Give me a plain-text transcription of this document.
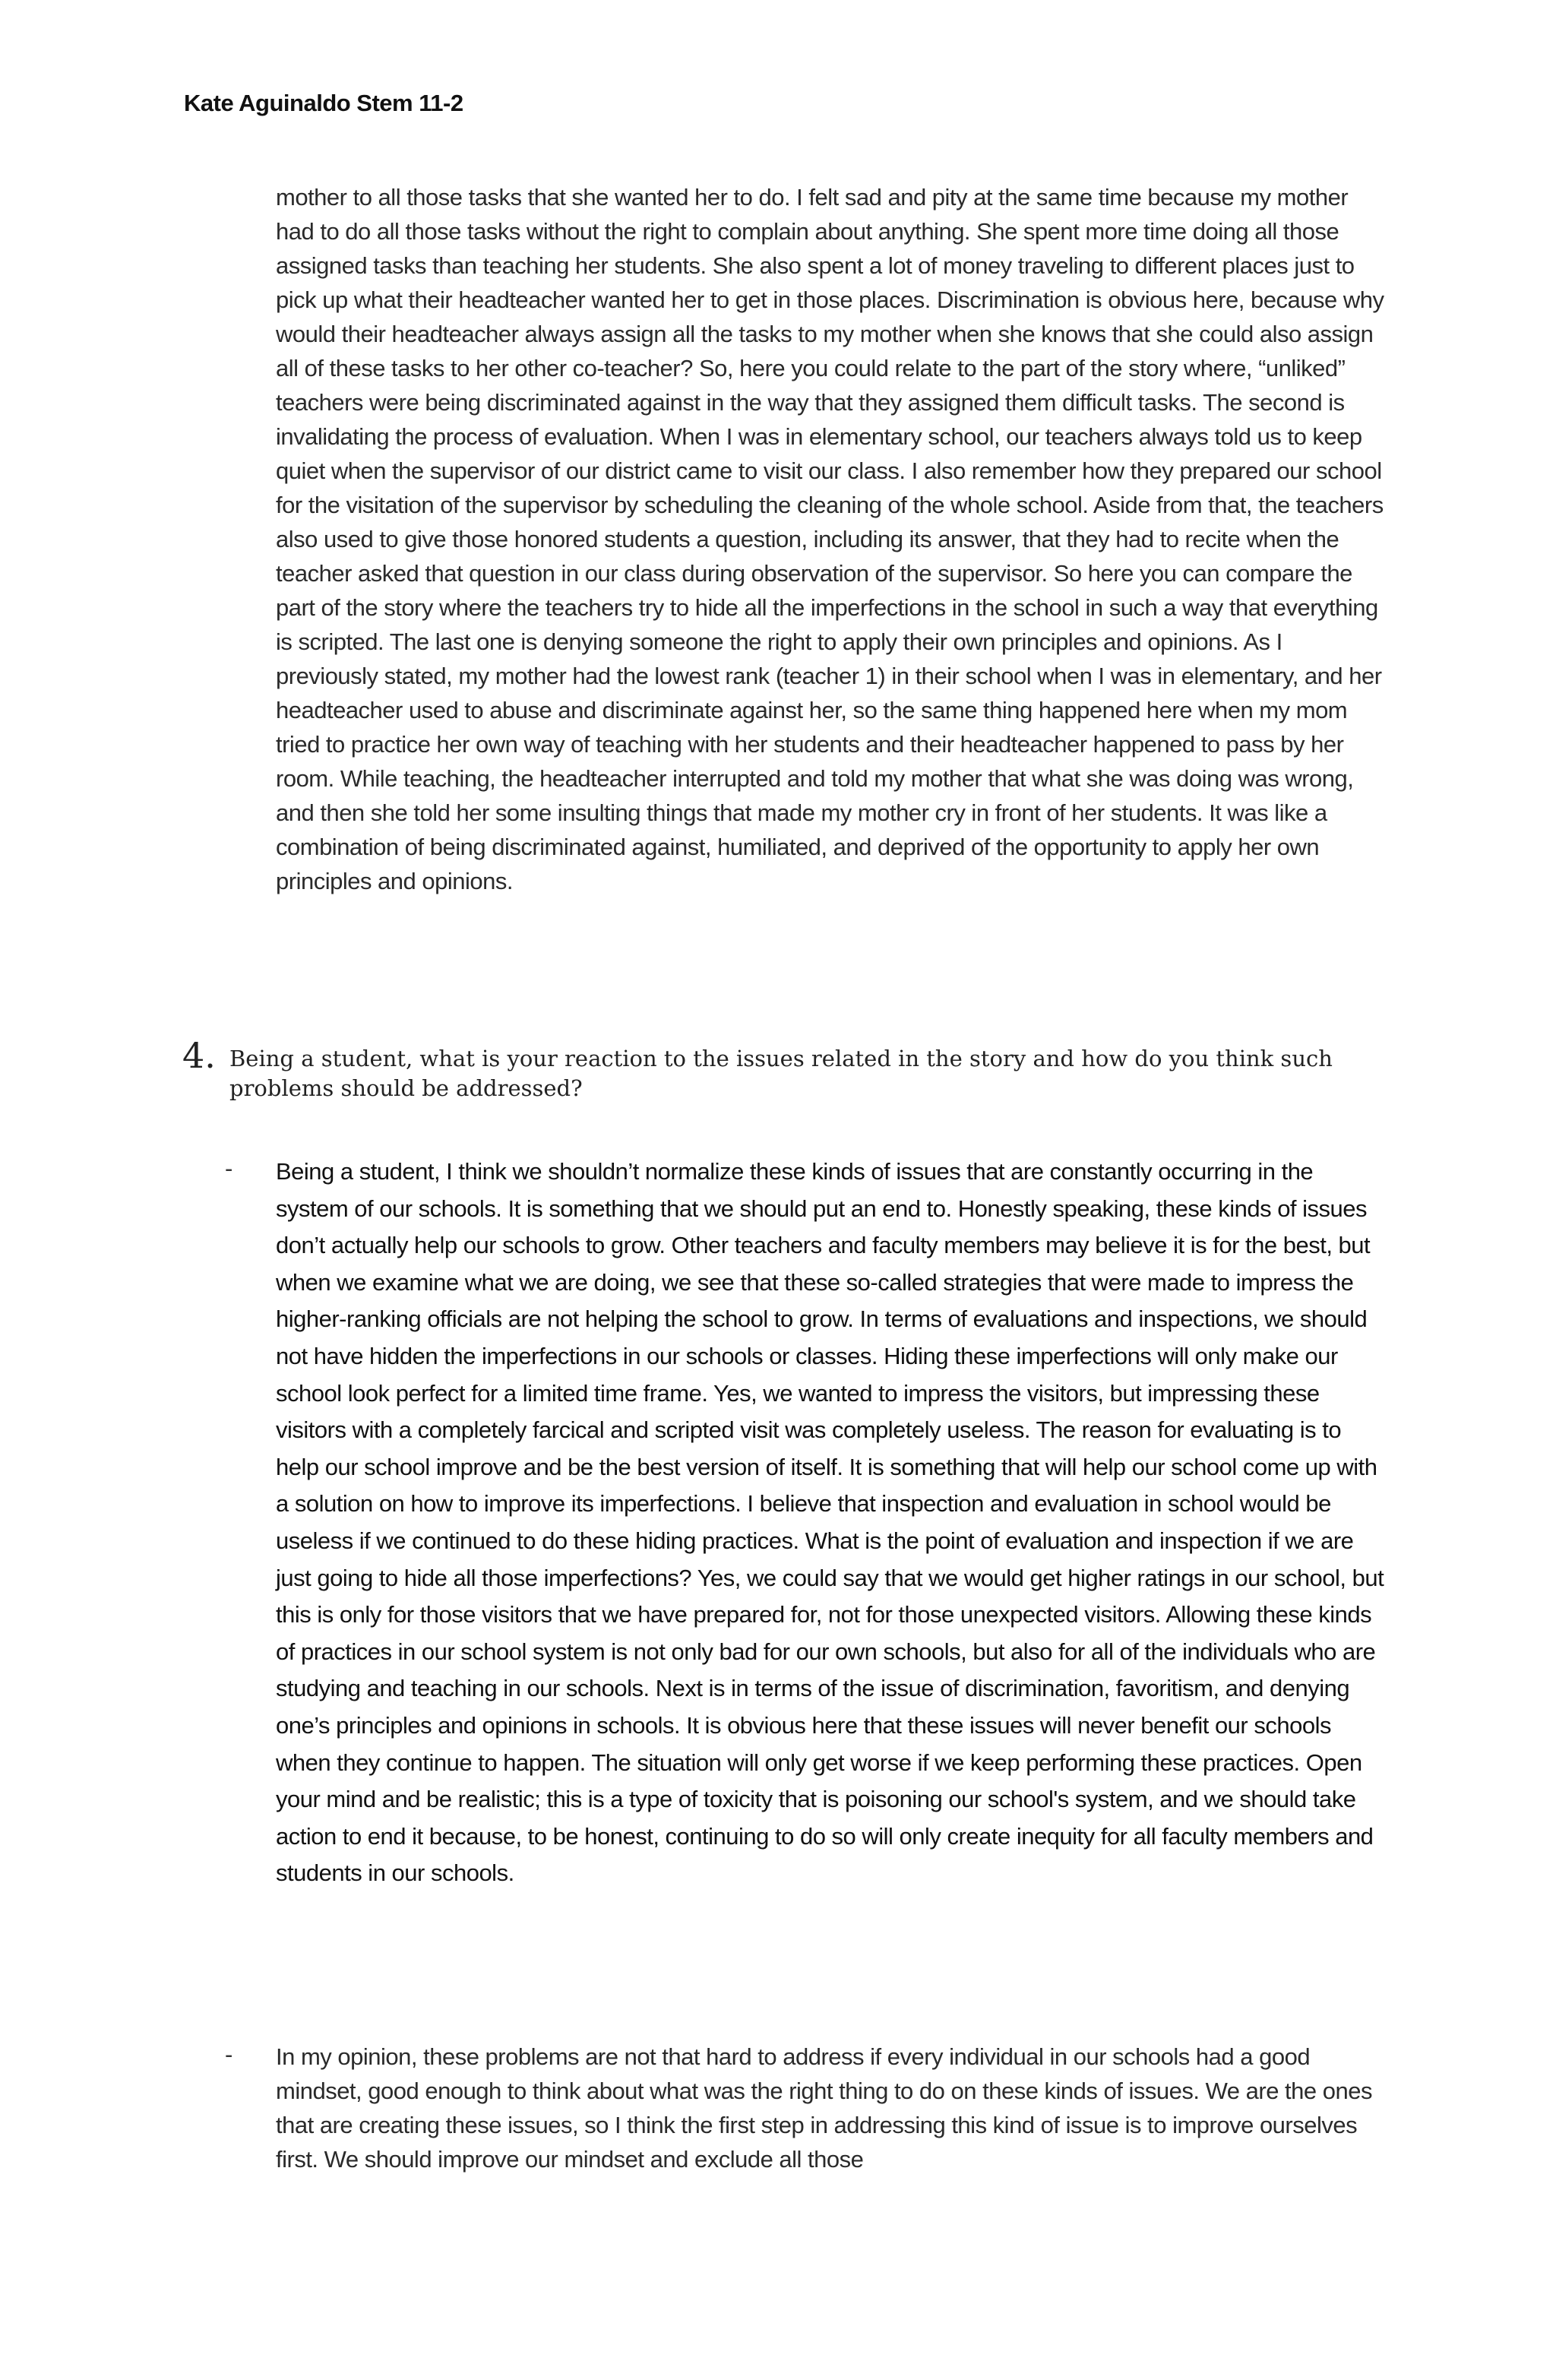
Kate Aguinaldo Stem 11-2

mother to all those tasks that she wanted her to do. I felt sad and pity at the same time because my mother had to do all those tasks without the right to complain about anything. She spent more time doing all those assigned tasks than teaching her students. She also spent a lot of money traveling to different places just to pick up what their headteacher wanted her to get in those places. Discrimination is obvious here, because why would their headteacher always assign all the tasks to my mother when she knows that she could also assign all of these tasks to her other co-teacher? So, here you could relate to the part of the story where, “unliked” teachers were being discriminated against in the way that they assigned them difficult tasks. The second is invalidating the process of evaluation. When I was in elementary school, our teachers always told us to keep quiet when the supervisor of our district came to visit our class. I also remember how they prepared our school for the visitation of the supervisor by scheduling the cleaning of the whole school. Aside from that, the teachers also used to give those honored students a question, including its answer, that they had to recite when the teacher asked that question in our class during observation of the supervisor. So here you can compare the part of the story where the teachers try to hide all the imperfections in the school in such a way that everything is scripted. The last one is denying someone the right to apply their own principles and opinions. As I previously stated, my mother had the lowest rank (teacher 1) in their school when I was in elementary, and her headteacher used to abuse and discriminate against her, so the same thing happened here when my mom tried to practice her own way of teaching with her students and their headteacher happened to pass by her room. While teaching, the headteacher interrupted and told my mother that what she was doing was wrong, and then she told her some insulting things that made my mother cry in front of her students. It was like a combination of being discriminated against, humiliated, and deprived of the opportunity to apply her own principles and opinions.

4. Being a student, what is your reaction to the issues related in the story and how do you think such problems should be addressed?
- Being a student, I think we shouldn’t normalize these kinds of issues that are constantly occurring in the system of our schools. It is something that we should put an end to. Honestly speaking, these kinds of issues don’t actually help our schools to grow. Other teachers and faculty members may believe it is for the best, but when we examine what we are doing, we see that these so-called strategies that were made to impress the higher-ranking officials are not helping the school to grow. In terms of evaluations and inspections, we should not have hidden the imperfections in our schools or classes. Hiding these imperfections will only make our school look perfect for a limited time frame. Yes, we wanted to impress the visitors, but impressing these visitors with a completely farcical and scripted visit was completely useless. The reason for evaluating is to help our school improve and be the best version of itself. It is something that will help our school come up with a solution on how to improve its imperfections. I believe that inspection and evaluation in school would be useless if we continued to do these hiding practices. What is the point of evaluation and inspection if we are just going to hide all those imperfections? Yes, we could say that we would get higher ratings in our school, but this is only for those visitors that we have prepared for, not for those unexpected visitors. Allowing these kinds of practices in our school system is not only bad for our own schools, but also for all of the individuals who are studying and teaching in our schools. Next is in terms of the issue of discrimination, favoritism, and denying one’s principles and opinions in schools. It is obvious here that these issues will never benefit our schools when they continue to happen. The situation will only get worse if we keep performing these practices. Open your mind and be realistic; this is a type of toxicity that is poisoning our school's system, and we should take action to end it because, to be honest, continuing to do so will only create inequity for all faculty members and students in our schools.

- In my opinion, these problems are not that hard to address if every individual in our schools had a good mindset, good enough to think about what was the right thing to do on these kinds of issues. We are the ones that are creating these issues, so I think the first step in addressing this kind of issue is to improve ourselves first. We should improve our mindset and exclude all those
